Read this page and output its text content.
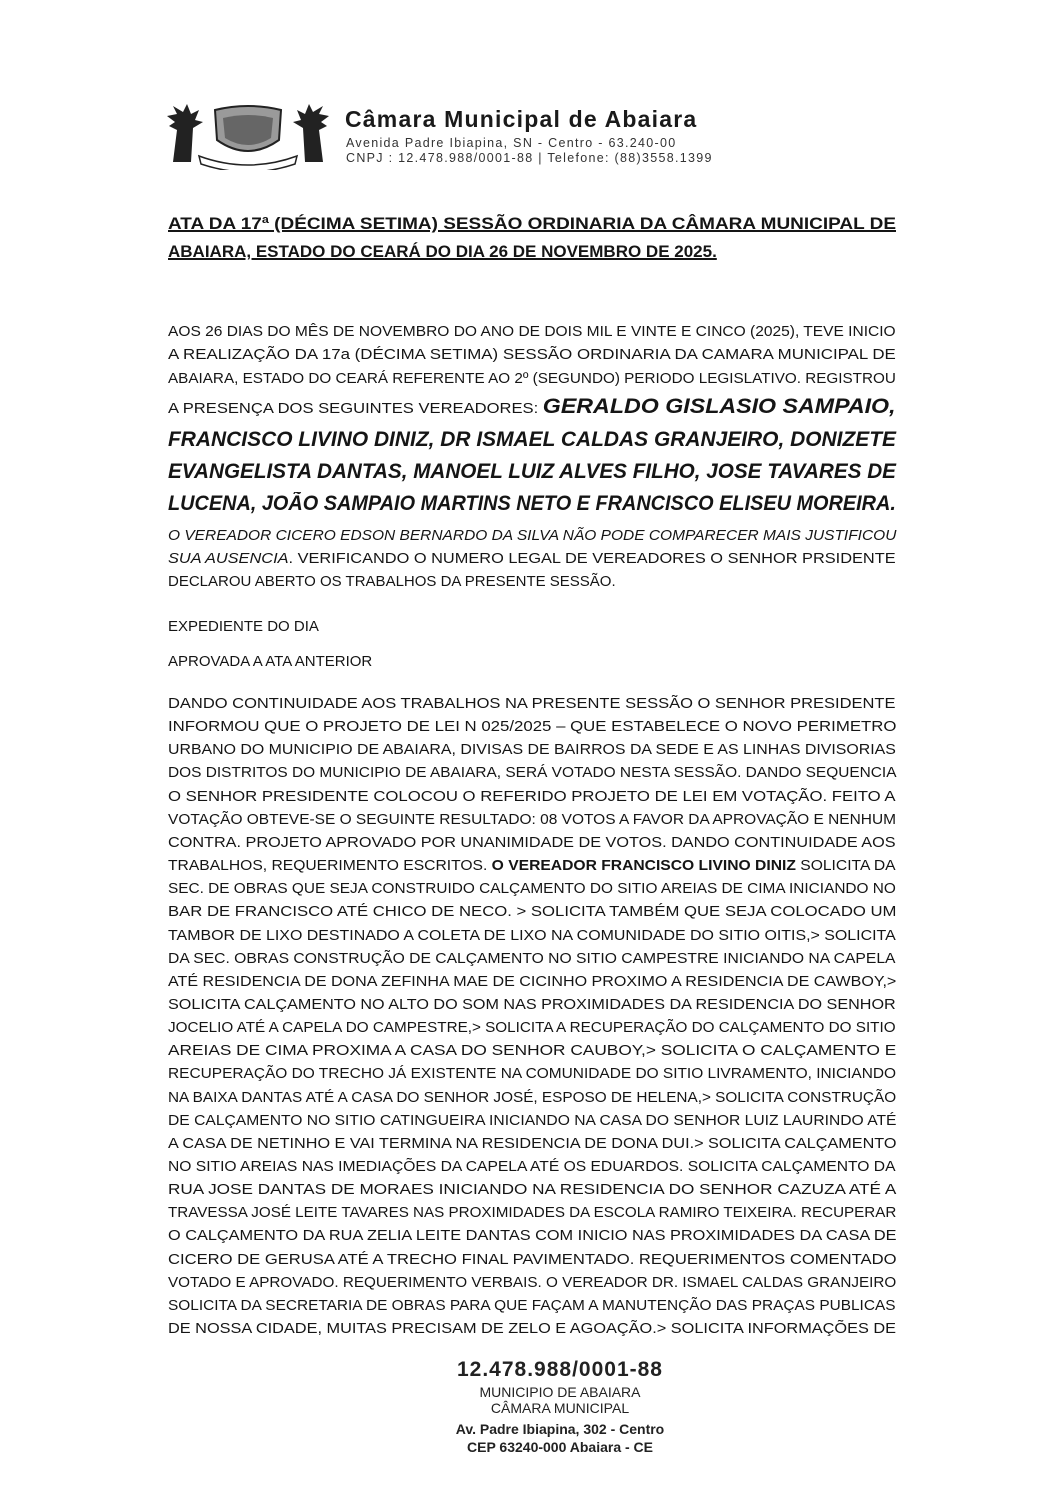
Câmara Municipal de Abaiara
Avenida Padre Ibiapina, SN - Centro - 63.240-00
CNPJ : 12.478.988/0001-88 | Telefone: (88)3558.1399
ATA DA 17ª (DÉCIMA SETIMA) SESSÃO ORDINARIA DA CÂMARA MUNICIPAL DE
ABAIARA, ESTADO DO CEARÁ DO DIA 26 DE NOVEMBRO DE 2025.
AOS 26 DIAS DO MÊS DE NOVEMBRO DO ANO DE DOIS MIL E VINTE E CINCO (2025), TEVE INICIO
A REALIZAÇÃO DA 17a (DÉCIMA SETIMA) SESSÃO ORDINARIA DA CAMARA MUNICIPAL DE
ABAIARA, ESTADO DO CEARÁ REFERENTE AO 2º (SEGUNDO) PERIODO LEGISLATIVO. REGISTROU
A PRESENÇA DOS SEGUINTES VEREADORES: GERALDO GISLASIO SAMPAIO,
FRANCISCO LIVINO DINIZ, DR ISMAEL CALDAS GRANJEIRO, DONIZETE
EVANGELISTA DANTAS, MANOEL LUIZ ALVES FILHO, JOSE TAVARES DE
LUCENA, JOÃO SAMPAIO MARTINS NETO E FRANCISCO ELISEU MOREIRA.
O VEREADOR CICERO EDSON BERNARDO DA SILVA NÃO PODE COMPARECER MAIS JUSTIFICOU
SUA AUSENCIA. VERIFICANDO O NUMERO LEGAL DE VEREADORES O SENHOR PRSIDENTE
DECLAROU ABERTO OS TRABALHOS DA PRESENTE SESSÃO.
EXPEDIENTE DO DIA
APROVADA A ATA ANTERIOR
DANDO CONTINUIDADE AOS TRABALHOS NA PRESENTE SESSÃO O SENHOR PRESIDENTE
INFORMOU QUE O PROJETO DE LEI N 025/2025 – QUE ESTABELECE O NOVO PERIMETRO
URBANO DO MUNICIPIO DE ABAIARA, DIVISAS DE BAIRROS DA SEDE E AS LINHAS DIVISORIAS
DOS DISTRITOS DO MUNICIPIO DE ABAIARA, SERÁ VOTADO NESTA SESSÃO. DANDO SEQUENCIA
O SENHOR PRESIDENTE COLOCOU O REFERIDO PROJETO DE LEI EM VOTAÇÃO. FEITO A
VOTAÇÃO OBTEVE-SE O SEGUINTE RESULTADO: 08 VOTOS A FAVOR DA APROVAÇÃO E NENHUM
CONTRA. PROJETO APROVADO POR UNANIMIDADE DE VOTOS. DANDO CONTINUIDADE AOS
TRABALHOS, REQUERIMENTO ESCRITOS. O VEREADOR FRANCISCO LIVINO DINIZ SOLICITA DA
SEC. DE OBRAS QUE SEJA CONSTRUIDO CALÇAMENTO DO SITIO AREIAS DE CIMA INICIANDO NO
BAR DE FRANCISCO ATÉ CHICO DE NECO. > SOLICITA TAMBÉM QUE SEJA COLOCADO UM
TAMBOR DE LIXO DESTINADO A COLETA DE LIXO NA COMUNIDADE DO SITIO OITIS,> SOLICITA
DA SEC. OBRAS CONSTRUÇÃO DE CALÇAMENTO NO SITIO CAMPESTRE INICIANDO NA CAPELA
ATÉ RESIDENCIA DE DONA ZEFINHA MAE DE CICINHO PROXIMO A RESIDENCIA DE CAWBOY,>
SOLICITA CALÇAMENTO NO ALTO DO SOM NAS PROXIMIDADES DA RESIDENCIA DO SENHOR
JOCELIO ATÉ A CAPELA DO CAMPESTRE,> SOLICITA A RECUPERAÇÃO DO CALÇAMENTO DO SITIO
AREIAS DE CIMA PROXIMA A CASA DO SENHOR CAUBOY,> SOLICITA O CALÇAMENTO E
RECUPERAÇÃO DO TRECHO JÁ EXISTENTE NA COMUNIDADE DO SITIO LIVRAMENTO, INICIANDO
NA BAIXA DANTAS ATÉ A CASA DO SENHOR JOSÉ, ESPOSO DE HELENA,> SOLICITA CONSTRUÇÃO
DE CALÇAMENTO NO SITIO CATINGUEIRA INICIANDO NA CASA DO SENHOR LUIZ LAURINDO ATÉ
A CASA DE NETINHO E VAI TERMINA NA RESIDENCIA DE DONA DUI.> SOLICITA CALÇAMENTO
NO SITIO AREIAS NAS IMEDIAÇÕES DA CAPELA ATÉ OS EDUARDOS. SOLICITA CALÇAMENTO DA
RUA JOSE DANTAS DE MORAES INICIANDO NA RESIDENCIA DO SENHOR CAZUZA ATÉ A
TRAVESSA JOSÉ LEITE TAVARES NAS PROXIMIDADES DA ESCOLA RAMIRO TEIXEIRA. RECUPERAR
O CALÇAMENTO DA RUA ZELIA LEITE DANTAS COM INICIO NAS PROXIMIDADES DA CASA DE
CICERO DE GERUSA ATÉ A TRECHO FINAL PAVIMENTADO. REQUERIMENTOS COMENTADO
VOTADO E APROVADO. REQUERIMENTO VERBAIS. O VEREADOR DR. ISMAEL CALDAS GRANJEIRO
SOLICITA DA SECRETARIA DE OBRAS PARA QUE FAÇAM A MANUTENÇÃO DAS PRAÇAS PUBLICAS
DE NOSSA CIDADE, MUITAS PRECISAM DE ZELO E AGOAÇÃO.> SOLICITA INFORMAÇÕES DE
12.478.988/0001-88
MUNICIPIO DE ABAIARA
CÂMARA MUNICIPAL
Av. Padre Ibiapina, 302 - Centro
CEP 63240-000 Abaiara - CE
